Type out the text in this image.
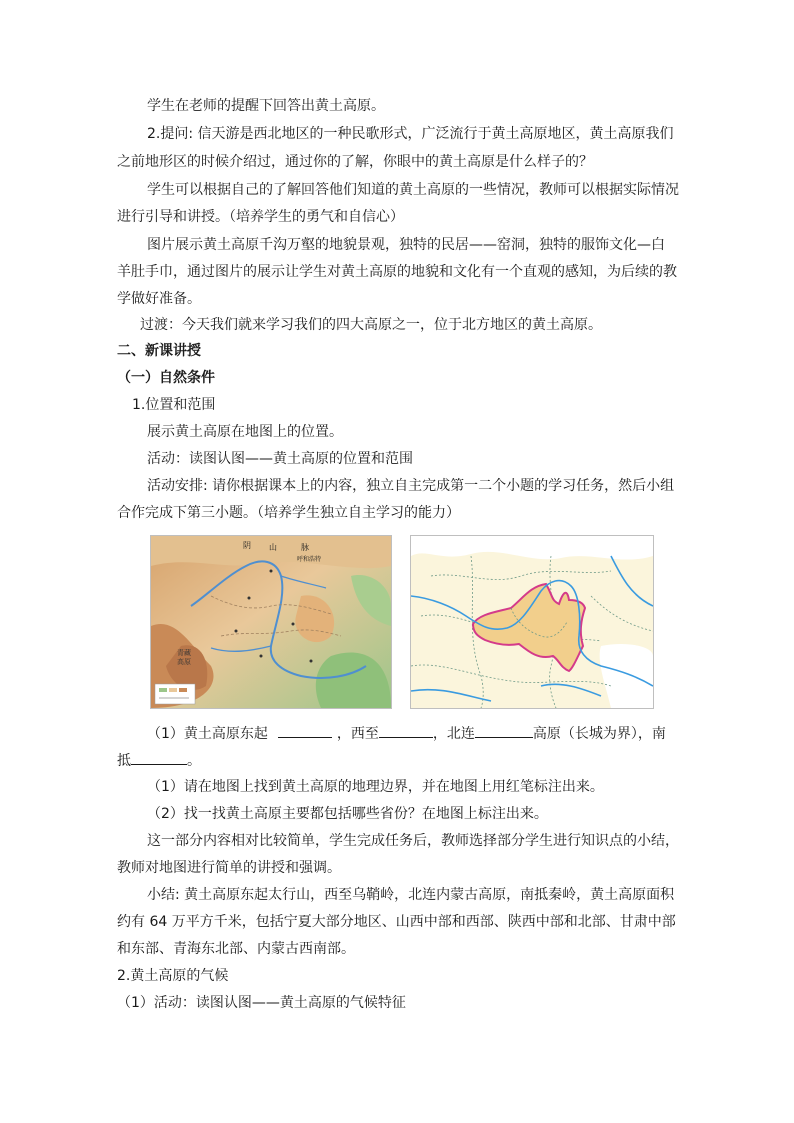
学生在老师的提醒下回答出黄土高原。
2.提问: 信天游是西北地区的一种民歌形式，广泛流行于黄土高原地区，黄土高原我们
之前地形区的时候介绍过，通过你的了解，你眼中的黄土高原是什么样子的？
学生可以根据自己的了解回答他们知道的黄土高原的一些情况，教师可以根据实际情况
进行引导和讲授。（培养学生的勇气和自信心）
图片展示黄土高原千沟万壑的地貌景观，独特的民居——窑洞，独特的服饰文化—白
羊肚手巾，通过图片的展示让学生对黄土高原的地貌和文化有一个直观的感知，为后续的教
学做好准备。
过渡：今天我们就来学习我们的四大高原之一，位于北方地区的黄土高原。
二、新课讲授
（一）自然条件
1.位置和范围
展示黄土高原在地图上的位置。
活动：读图认图——黄土高原的位置和范围
活动安排: 请你根据课本上的内容，独立自主完成第一二个小题的学习任务，然后小组
合作完成下第三小题。（培养学生独立自主学习的能力）
阴 山	脉
呼和浩特
青藏
高原
（1）黄土高原东起	，西至	，北连	高原（长城为界），南
抵	。
（1）请在地图上找到黄土高原的地理边界，并在地图上用红笔标注出来。
（2）找一找黄土高原主要都包括哪些省份？在地图上标注出来。
这一部分内容相对比较简单，学生完成任务后，教师选择部分学生进行知识点的小结，
教师对地图进行简单的讲授和强调。
小结: 黄土高原东起太行山，西至乌鞘岭，北连内蒙古高原，南抵秦岭，黄土高原面积
约有 64 万平方千米，包括宁夏大部分地区、山西中部和西部、陕西中部和北部、甘肃中部
和东部、青海东北部、内蒙古西南部。
2.黄土高原的气候
（1）活动：读图认图——黄土高原的气候特征
